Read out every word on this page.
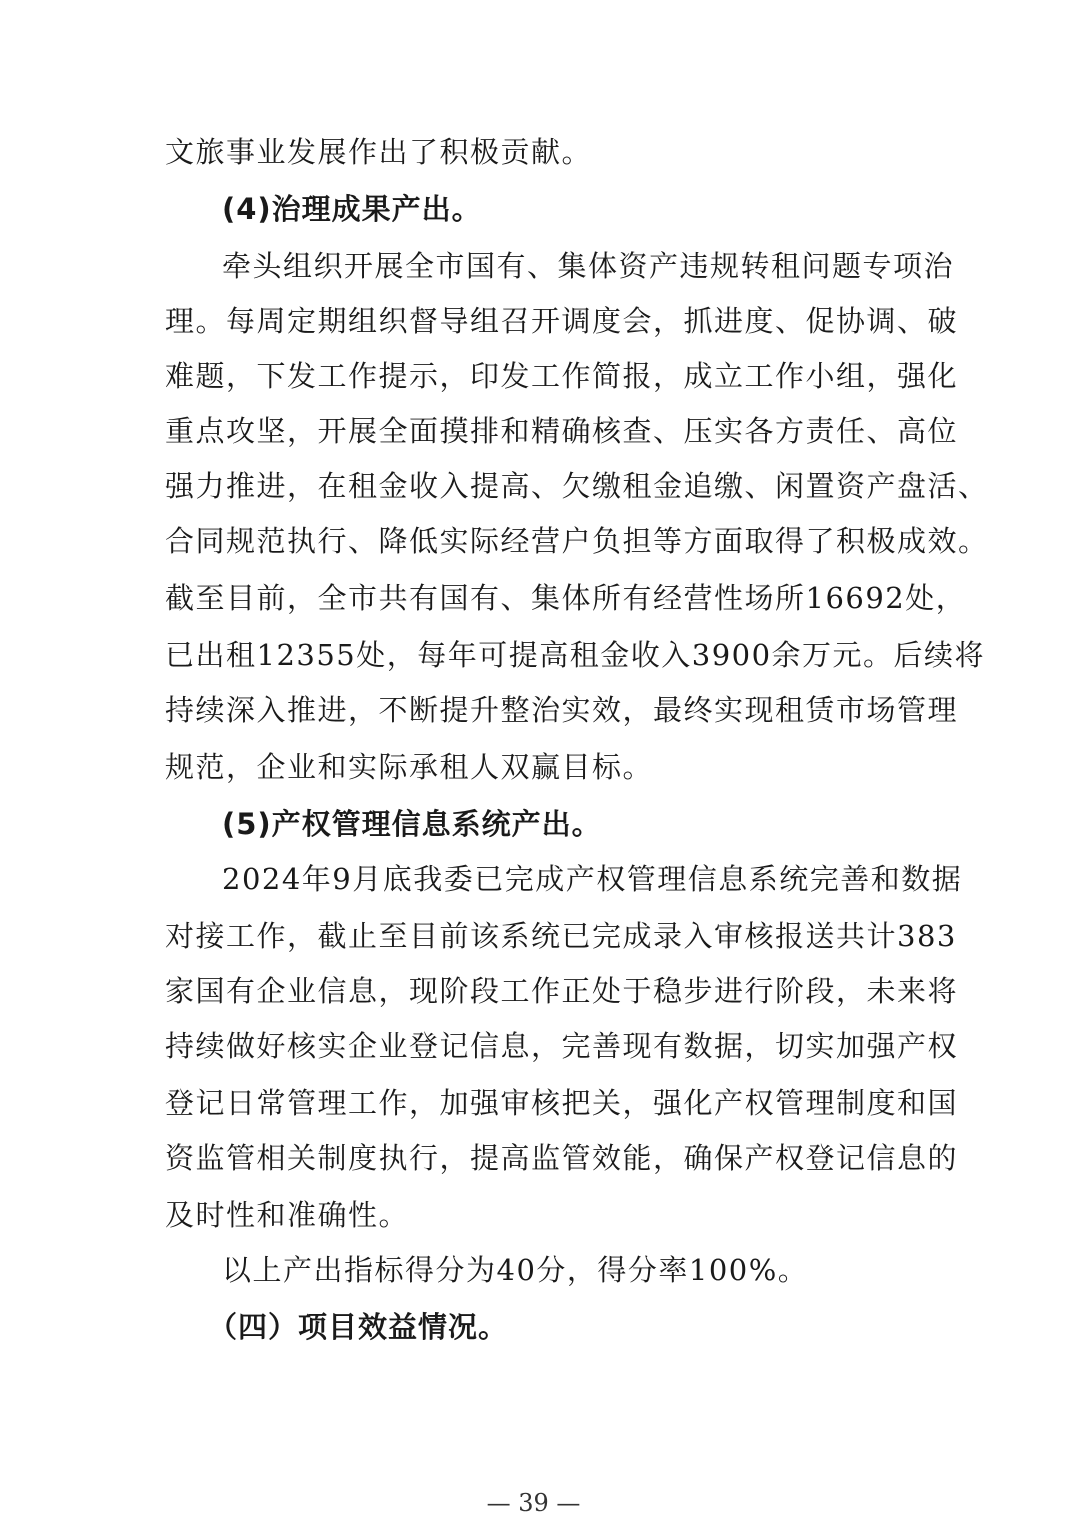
文旅事业发展作出了积极贡献。
(4)治理成果产出。
牵头组织开展全市国有、集体资产违规转租问题专项治
理。每周定期组织督导组召开调度会，抓进度、促协调、破
难题，下发工作提示，印发工作简报，成立工作小组，强化
重点攻坚，开展全面摸排和精确核查、压实各方责任、高位
强力推进，在租金收入提高、欠缴租金追缴、闲置资产盘活、
合同规范执行、降低实际经营户负担等方面取得了积极成效。
截至目前，全市共有国有、集体所有经营性场所16692处，
已出租12355处，每年可提高租金收入3900余万元。后续将
持续深入推进，不断提升整治实效，最终实现租赁市场管理
规范，企业和实际承租人双赢目标。
(5)产权管理信息系统产出。
2024年9月底我委已完成产权管理信息系统完善和数据
对接工作，截止至目前该系统已完成录入审核报送共计383
家国有企业信息，现阶段工作正处于稳步进行阶段，未来将
持续做好核实企业登记信息，完善现有数据，切实加强产权
登记日常管理工作，加强审核把关，强化产权管理制度和国
资监管相关制度执行，提高监管效能，确保产权登记信息的
及时性和准确性。
以上产出指标得分为40分，得分率100%。
（四）项目效益情况。
— 39 —
